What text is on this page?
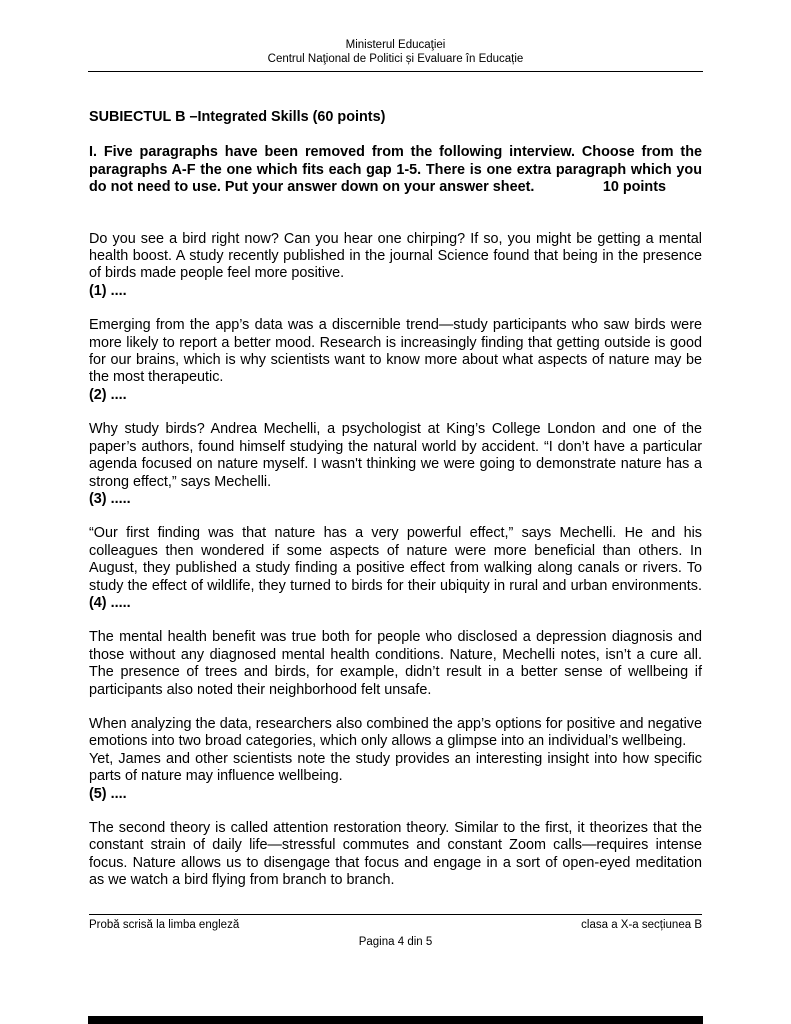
Ministerul Educaţiei
Centrul Naţional de Politici și Evaluare în Educație
SUBIECTUL B –Integrated Skills (60 points)

I. Five paragraphs have been removed from the following interview. Choose from the paragraphs A-F the one which fits each gap 1-5. There is one extra paragraph which you do not need to use. Put your answer down on your answer sheet.	10 points

Do you see a bird right now? Can you hear one chirping? If so, you might be getting a mental health boost. A study recently published in the journal Science found that being in the presence of birds made people feel more positive.

(1) ....

Emerging from the app’s data was a discernible trend—study participants who saw birds were more likely to report a better mood. Research is increasingly finding that getting outside is good for our brains, which is why scientists want to know more about what aspects of nature may be the most therapeutic.

(2) ....

Why study birds? Andrea Mechelli, a psychologist at King’s College London and one of the paper’s authors, found himself studying the natural world by accident. “I don’t have a particular agenda focused on nature myself. I wasn't thinking we were going to demonstrate nature has a strong effect,” says Mechelli.

(3) .....

“Our first finding was that nature has a very powerful effect,” says Mechelli. He and his colleagues then wondered if some aspects of nature were more beneficial than others. In August, they published a study finding a positive effect from walking along canals or rivers. To study the effect of wildlife, they turned to birds for their ubiquity in rural and urban environments. (4) .....

The mental health benefit was true both for people who disclosed a depression diagnosis and those without any diagnosed mental health conditions. Nature, Mechelli notes, isn’t a cure all. The presence of trees and birds, for example, didn’t result in a better sense of wellbeing if participants also noted their neighborhood felt unsafe.

When analyzing the data, researchers also combined the app’s options for positive and negative emotions into two broad categories, which only allows a glimpse into an individual’s wellbeing.

Yet, James and other scientists note the study provides an interesting insight into how specific parts of nature may influence wellbeing.

(5) ....

The second theory is called attention restoration theory. Similar to the first, it theorizes that the constant strain of daily life—stressful commutes and constant Zoom calls—requires intense focus. Nature allows us to disengage that focus and engage in a sort of open-eyed meditation as we watch a bird flying from branch to branch.

Probă scrisă la limba engleză	clasa a X-a secțiunea B
Pagina 4 din 5
